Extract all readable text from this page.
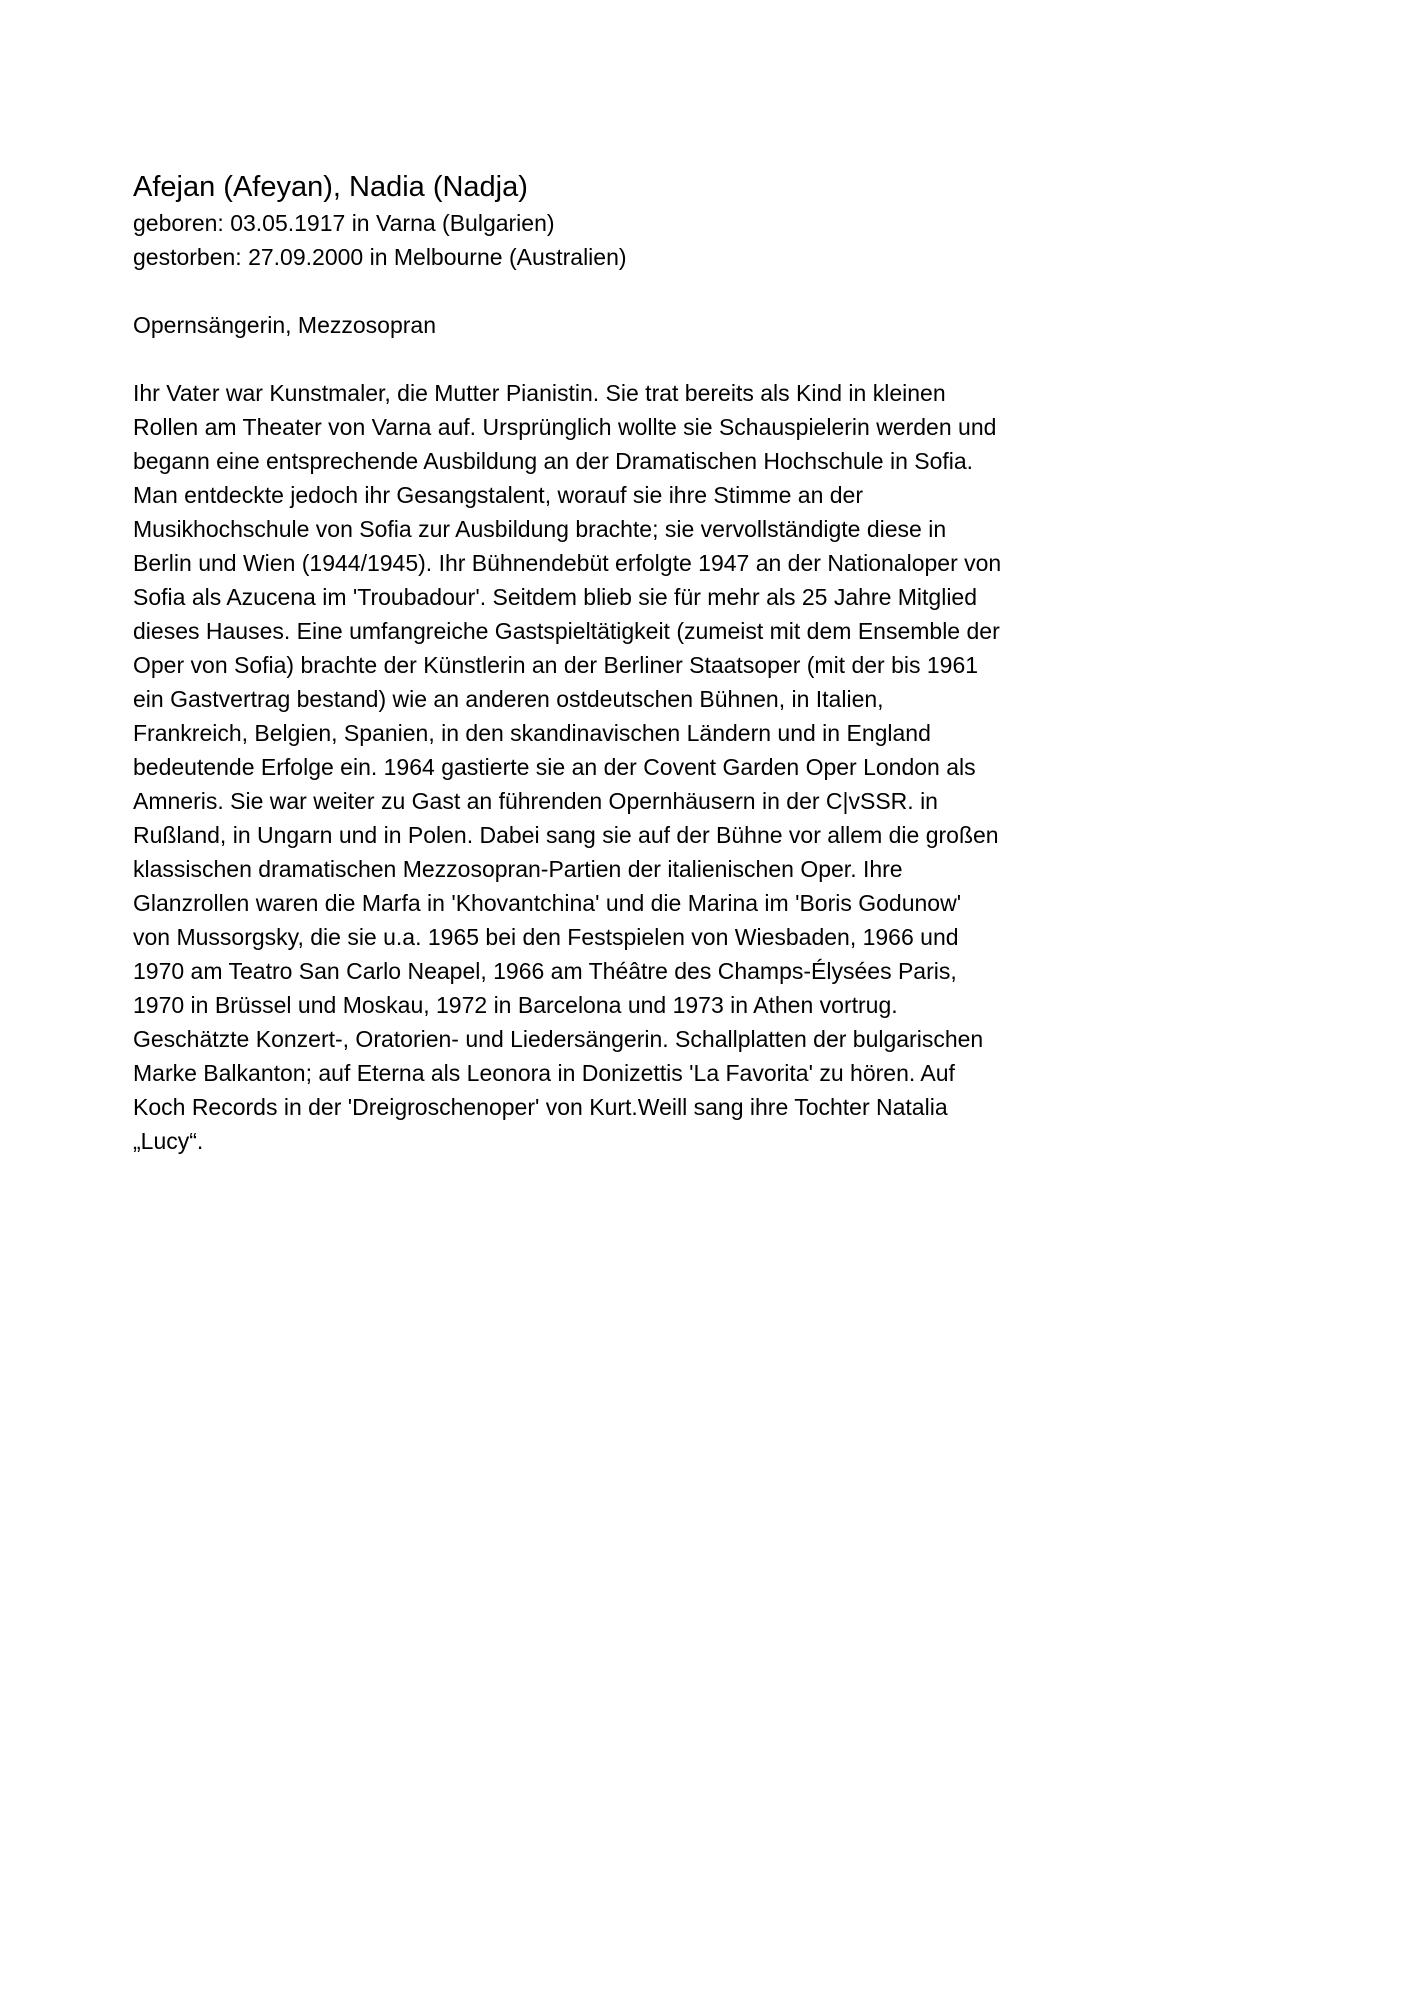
Afejan (Afeyan), Nadia (Nadja)
geboren: 03.05.1917 in Varna (Bulgarien)
gestorben: 27.09.2000 in Melbourne (Australien)
Opernsängerin, Mezzosopran
Ihr Vater war Kunstmaler, die Mutter Pianistin. Sie trat bereits als Kind in kleinen
Rollen am Theater von Varna auf. Ursprünglich wollte sie Schauspielerin werden und
begann eine entsprechende Ausbildung an der Dramatischen Hochschule in Sofia.
Man entdeckte jedoch ihr Gesangstalent, worauf sie ihre Stimme an der
Musikhochschule von Sofia zur Ausbildung brachte; sie vervollständigte diese in
Berlin und Wien (1944/1945). Ihr Bühnendebüt erfolgte 1947 an der Nationaloper von
Sofia als Azucena im 'Troubadour'. Seitdem blieb sie für mehr als 25 Jahre Mitglied
dieses Hauses. Eine umfangreiche Gastspieltätigkeit (zumeist mit dem Ensemble der
Oper von Sofia) brachte der Künstlerin an der Berliner Staatsoper (mit der bis 1961
ein Gastvertrag bestand) wie an anderen ostdeutschen Bühnen, in Italien,
Frankreich, Belgien, Spanien, in den skandinavischen Ländern und in England
bedeutende Erfolge ein. 1964 gastierte sie an der Covent Garden Oper London als
Amneris. Sie war weiter zu Gast an führenden Opernhäusern in der C|vSSR. in
Rußland, in Ungarn und in Polen. Dabei sang sie auf der Bühne vor allem die großen
klassischen dramatischen Mezzosopran-Partien der italienischen Oper. Ihre
Glanzrollen waren die Marfa in 'Khovantchina' und die Marina im 'Boris Godunow'
von Mussorgsky, die sie u.a. 1965 bei den Festspielen von Wiesbaden, 1966 und
1970 am Teatro San Carlo Neapel, 1966 am Théâtre des Champs-Élysées Paris,
1970 in Brüssel und Moskau, 1972 in Barcelona und 1973 in Athen vortrug.
Geschätzte Konzert-, Oratorien- und Liedersängerin. Schallplatten der bulgarischen
Marke Balkanton; auf Eterna als Leonora in Donizettis 'La Favorita' zu hören. Auf
Koch Records in der 'Dreigroschenoper' von Kurt.Weill sang ihre Tochter Natalia
„Lucy“.
